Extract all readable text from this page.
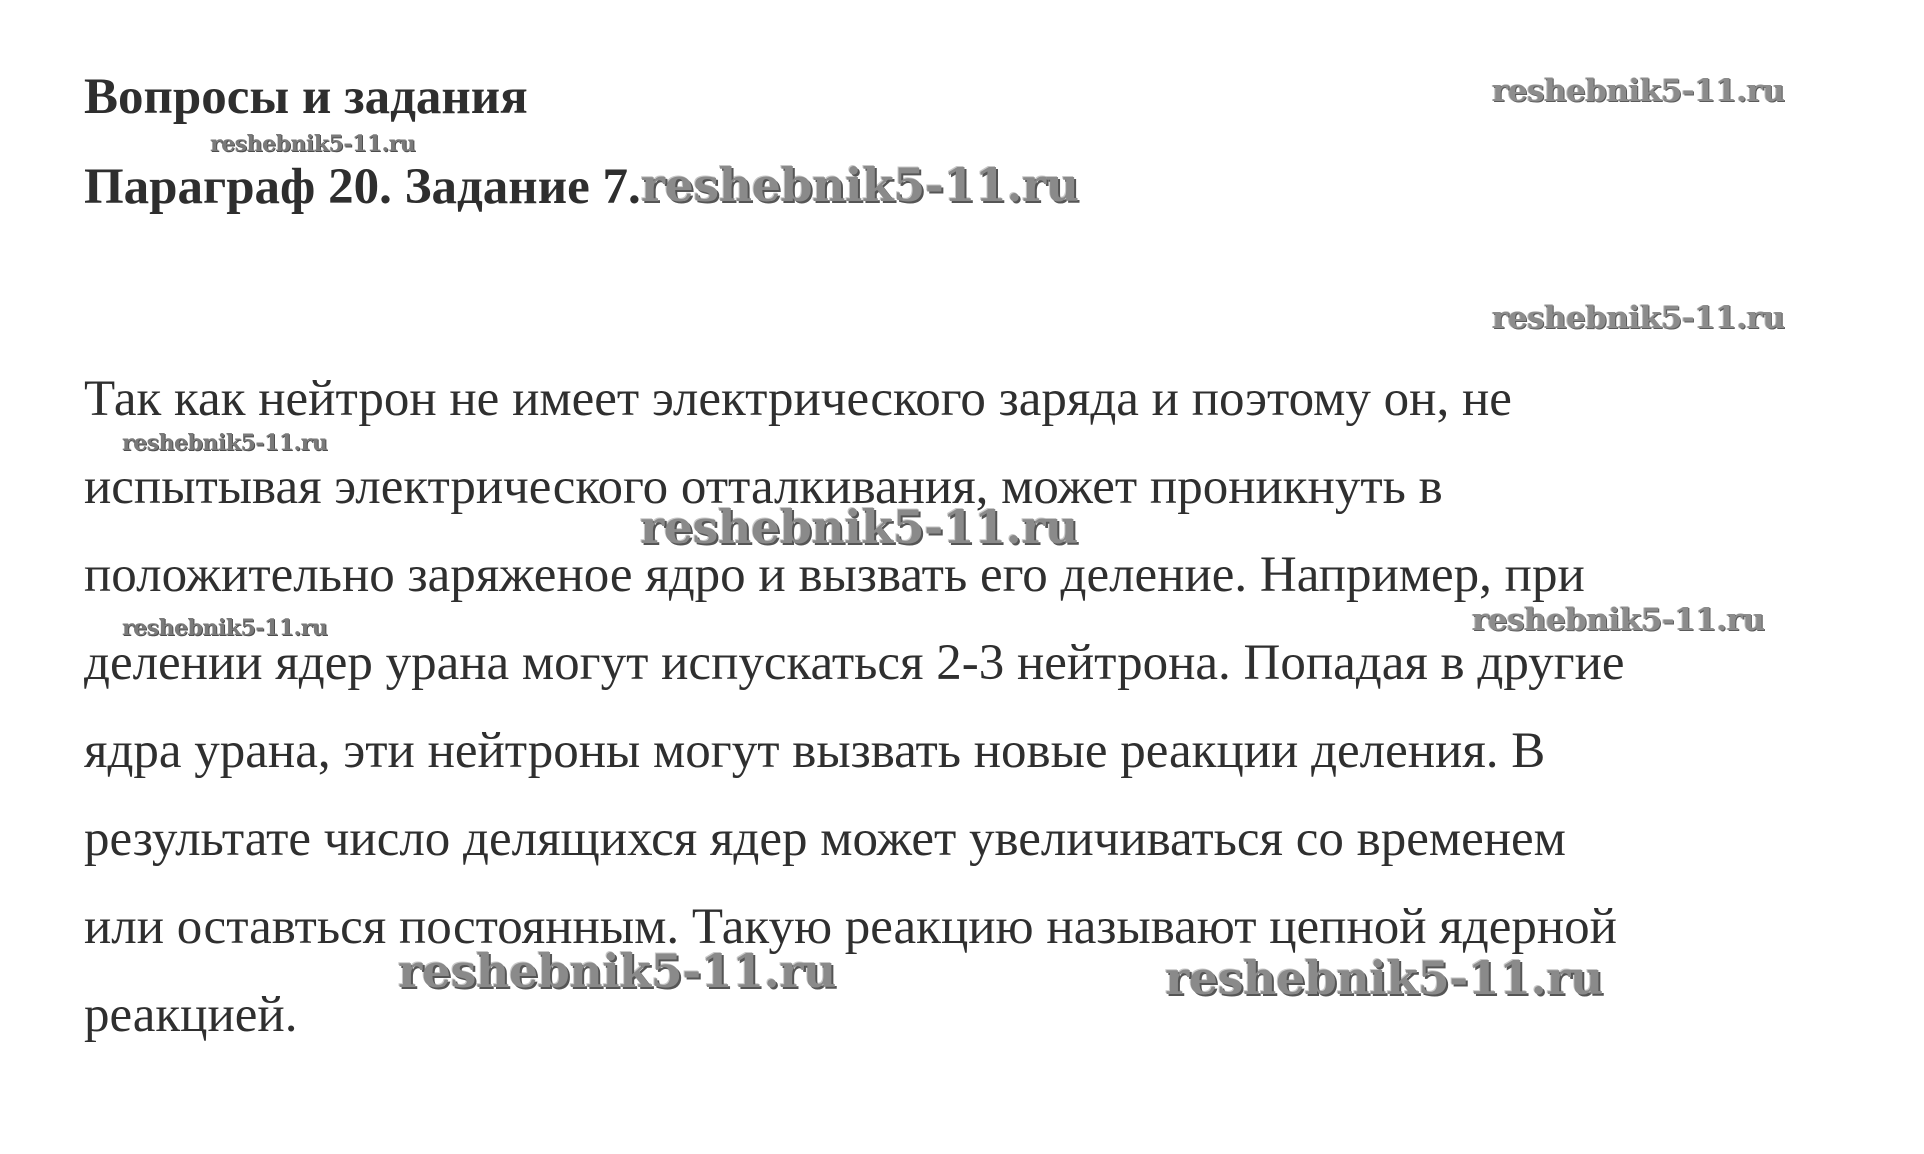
Вопросы и задания
Параграф 20. Задание 7.reshebnik5-11.ru
Так как нейтрон не имеет электрического заряда и поэтому он, не
испытывая электрического отталкивания, может проникнуть в
положительно заряженое ядро и вызвать его деление. Например, при
делении ядер урана могут испускаться 2-3 нейтрона. Попадая в другие
ядра урана, эти нейтроны могут вызвать новые реакции деления. В
результате число делящихся ядер может увеличиваться со временем
или оставться постоянным. Такую реакцию называют цепной ядерной
реакцией.
reshebnik5-11.ru
reshebnik5-11.ru
reshebnik5-11.ru
reshebnik5-11.ru
reshebnik5-11.ru
reshebnik5-11.ru	reshebnik5-11.ru
reshebnik5-11.ru	reshebnik5-11.ru
